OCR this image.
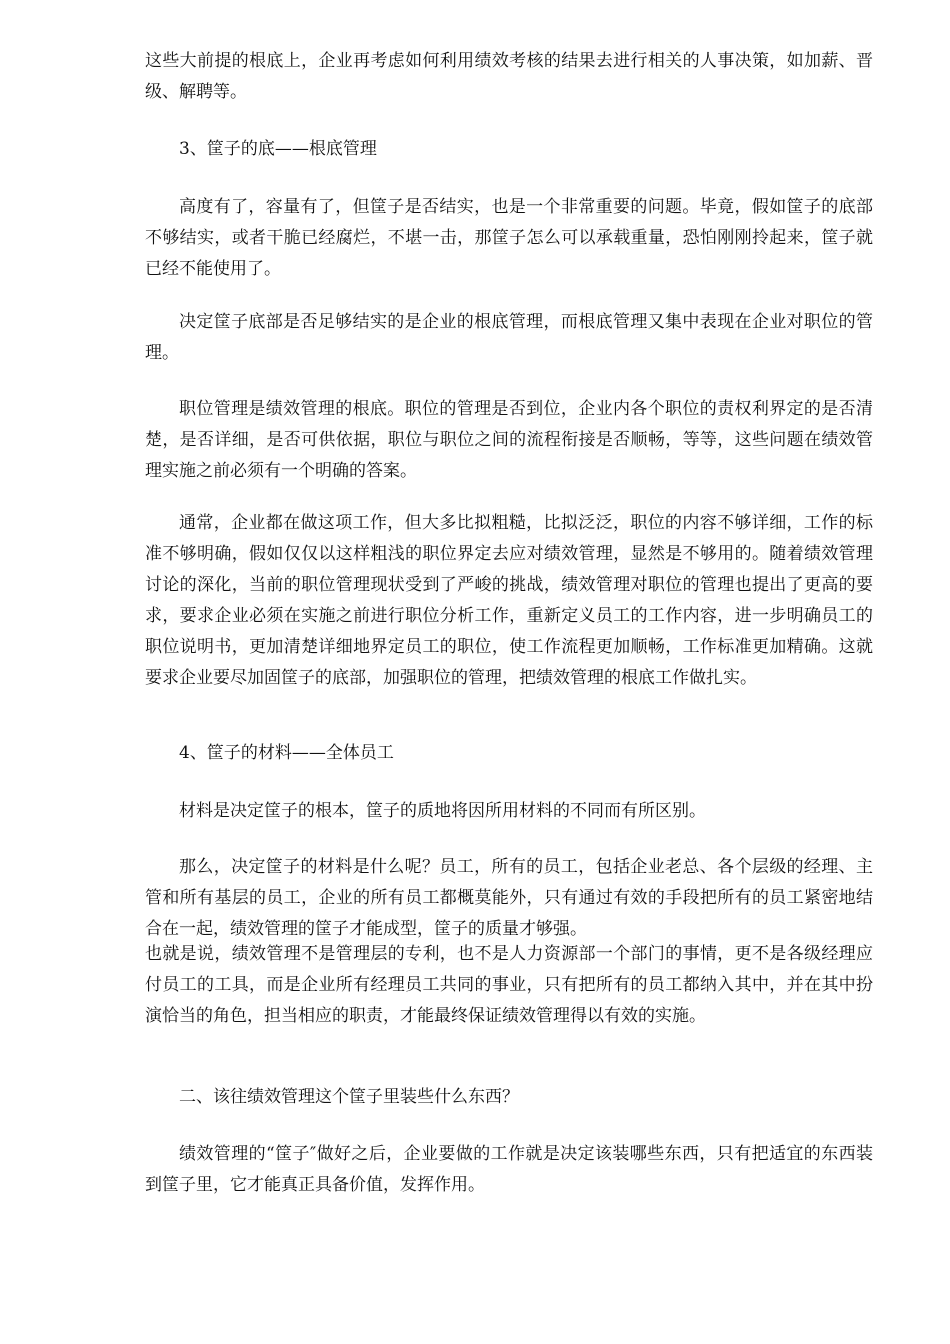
这些大前提的根底上，企业再考虑如何利用绩效考核的结果去进行相关的人事决策，如加薪、晋级、解聘等。

3、筐子的底——根底管理

高度有了，容量有了，但筐子是否结实，也是一个非常重要的问题。毕竟，假如筐子的底部不够结实，或者干脆已经腐烂，不堪一击，那筐子怎么可以承载重量，恐怕刚刚拎起来，筐子就已经不能使用了。

决定筐子底部是否足够结实的是企业的根底管理，而根底管理又集中表现在企业对职位的管理。

职位管理是绩效管理的根底。职位的管理是否到位，企业内各个职位的责权利界定的是否清楚，是否详细，是否可供依据，职位与职位之间的流程衔接是否顺畅，等等，这些问题在绩效管理实施之前必须有一个明确的答案。

通常，企业都在做这项工作，但大多比拟粗糙，比拟泛泛，职位的内容不够详细，工作的标准不够明确，假如仅仅以这样粗浅的职位界定去应对绩效管理，显然是不够用的。随着绩效管理讨论的深化，当前的职位管理现状受到了严峻的挑战，绩效管理对职位的管理也提出了更高的要求，要求企业必须在实施之前进行职位分析工作，重新定义员工的工作内容，进一步明确员工的职位说明书，更加清楚详细地界定员工的职位，使工作流程更加顺畅，工作标准更加精确。这就要求企业要尽加固筐子的底部，加强职位的管理，把绩效管理的根底工作做扎实。

4、筐子的材料——全体员工

材料是决定筐子的根本，筐子的质地将因所用材料的不同而有所区别。

那么，决定筐子的材料是什么呢？员工，所有的员工，包括企业老总、各个层级的经理、主管和所有基层的员工，企业的所有员工都概莫能外，只有通过有效的手段把所有的员工紧密地结合在一起，绩效管理的筐子才能成型，筐子的质量才够强。

也就是说，绩效管理不是管理层的专利，也不是人力资源部一个部门的事情，更不是各级经理应付员工的工具，而是企业所有经理员工共同的事业，只有把所有的员工都纳入其中，并在其中扮演恰当的角色，担当相应的职责，才能最终保证绩效管理得以有效的实施。

二、该往绩效管理这个筐子里装些什么东西？

绩效管理的“筐子″做好之后，企业要做的工作就是决定该装哪些东西，只有把适宜的东西装到筐子里，它才能真正具备价值，发挥作用。
